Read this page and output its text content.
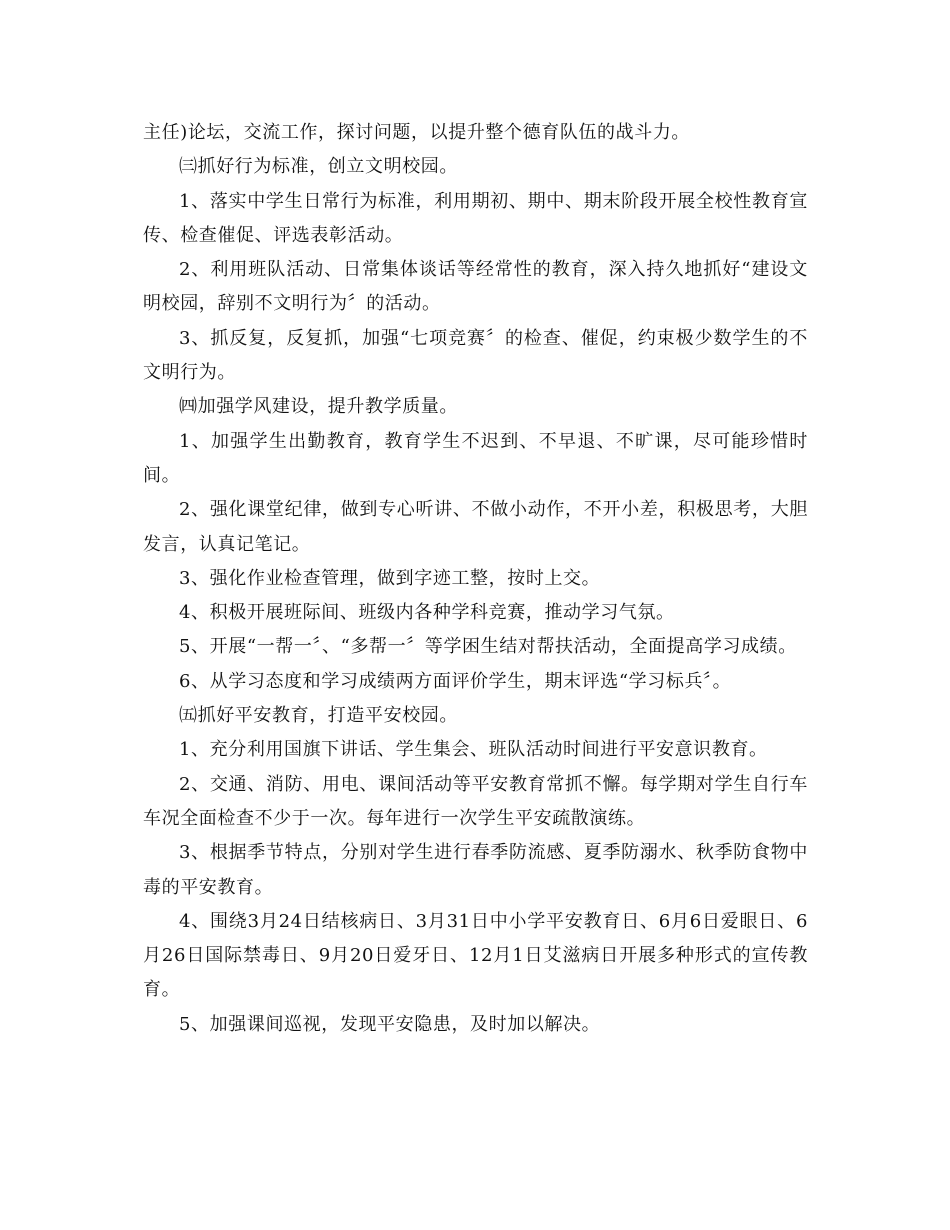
主任)论坛，交流工作，探讨问题，以提升整个德育队伍的战斗力。

㈢抓好行为标准，创立文明校园。

1、落实中学生日常行为标准，利用期初、期中、期末阶段开展全校性教育宣传、检查催促、评选表彰活动。

2、利用班队活动、日常集体谈话等经常性的教育，深入持久地抓好“建设文明校园，辞别不文明行为〞的活动。

3、抓反复，反复抓，加强“七项竞赛〞的检查、催促，约束极少数学生的不文明行为。

㈣加强学风建设，提升教学质量。

1、加强学生出勤教育，教育学生不迟到、不早退、不旷课，尽可能珍惜时间。

2、强化课堂纪律，做到专心听讲、不做小动作，不开小差，积极思考，大胆发言，认真记笔记。

3、强化作业检查管理，做到字迹工整，按时上交。

4、积极开展班际间、班级内各种学科竞赛，推动学习气氛。

5、开展“一帮一〞、“多帮一〞等学困生结对帮扶活动，全面提高学习成绩。

6、从学习态度和学习成绩两方面评价学生，期末评选“学习标兵〞。

㈤抓好平安教育，打造平安校园。

1、充分利用国旗下讲话、学生集会、班队活动时间进行平安意识教育。

2、交通、消防、用电、课间活动等平安教育常抓不懈。每学期对学生自行车车况全面检查不少于一次。每年进行一次学生平安疏散演练。

3、根据季节特点，分别对学生进行春季防流感、夏季防溺水、秋季防食物中毒的平安教育。

4、围绕3月24日结核病日、3月31日中小学平安教育日、6月6日爱眼日、6月26日国际禁毒日、9月20日爱牙日、12月1日艾滋病日开展多种形式的宣传教育。

5、加强课间巡视，发现平安隐患，及时加以解决。
